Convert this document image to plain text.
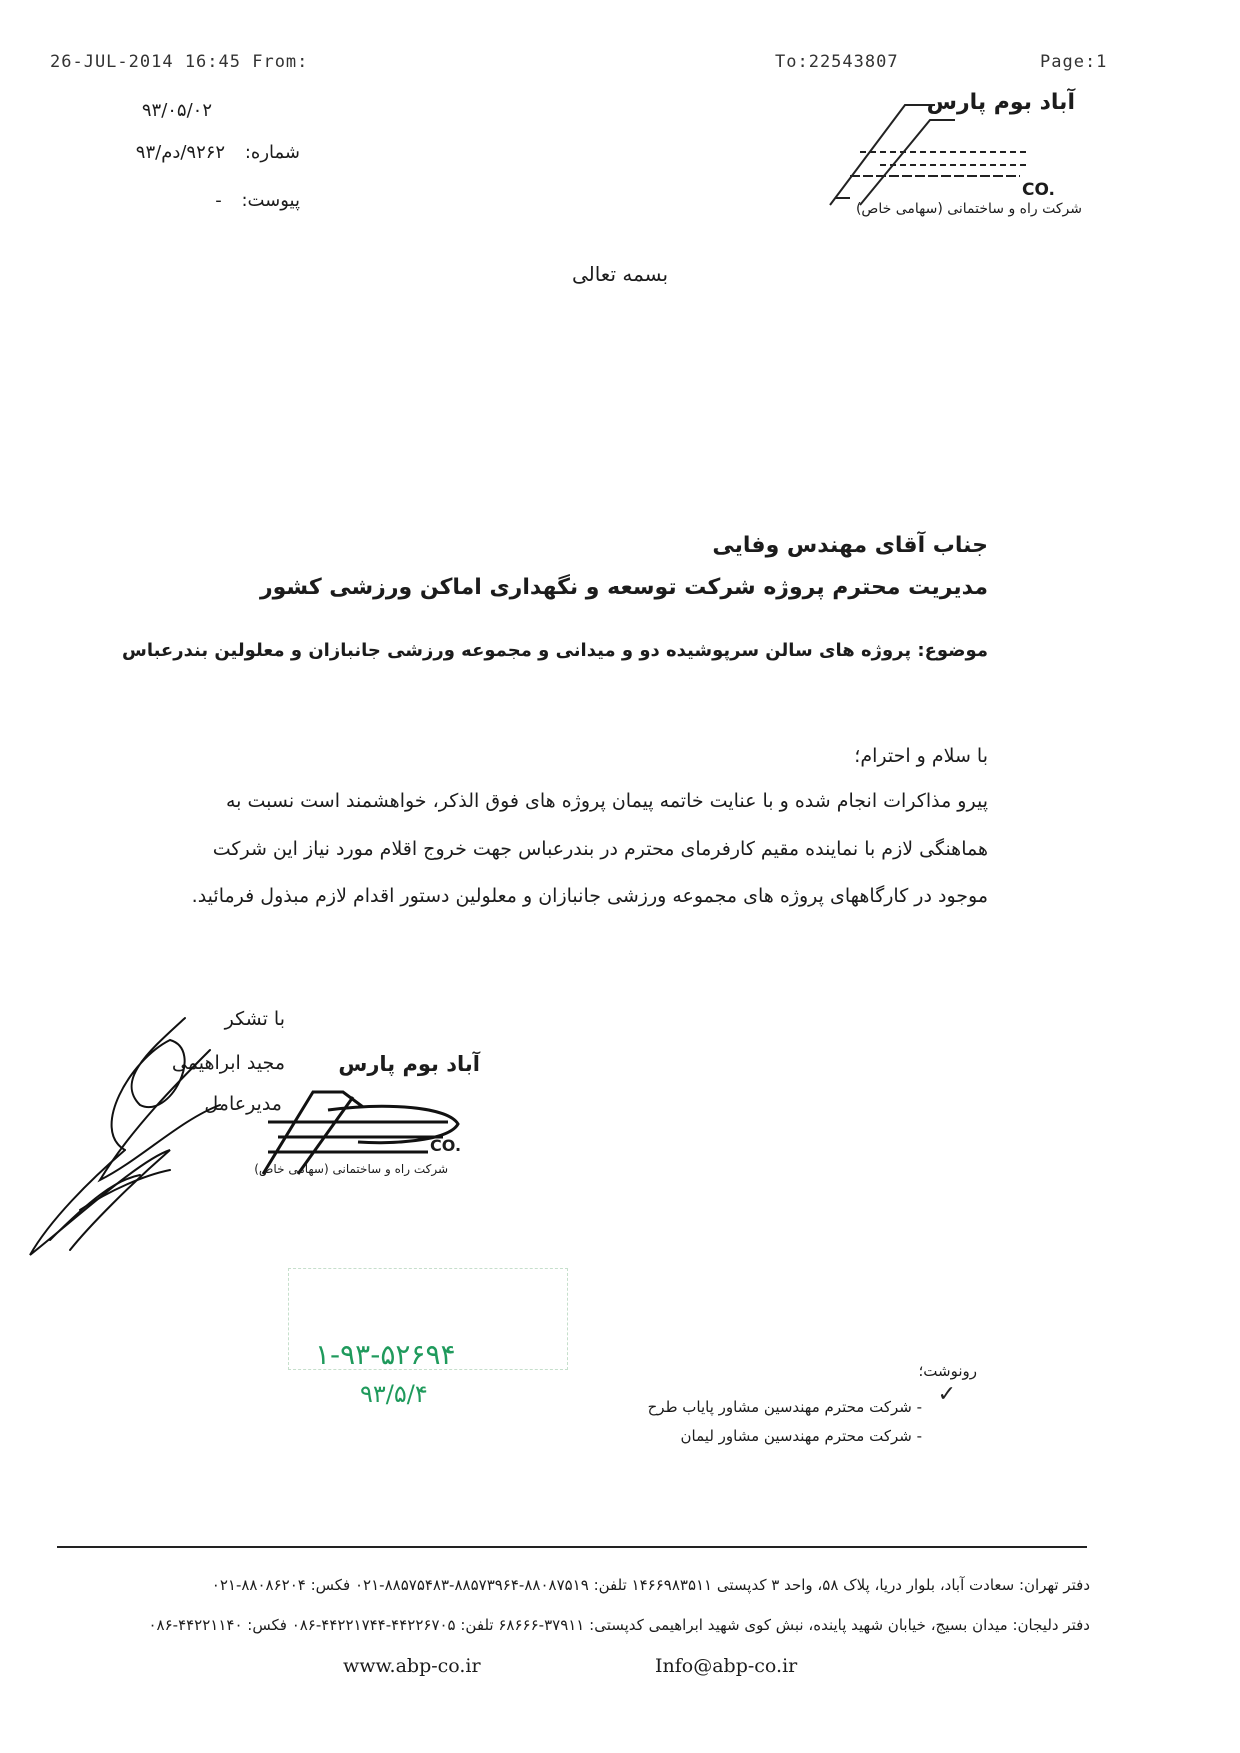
26-JUL-2014 16:45 From:	To:22543807	Page:1
۹۳/۰۵/۰۲
شماره: ۹۲۶۲/دم/۹۳
پیوست: -
آباد بوم پارس
CO.
شرکت راه و ساختمانی (سهامی خاص)
بسمه تعالی
جناب آقای مهندس وفایی
مدیریت محترم پروژه شرکت توسعه و نگهداری اماکن ورزشی کشور
موضوع: پروژه های سالن سرپوشیده دو و میدانی و مجموعه ورزشی جانبازان و معلولین بندرعباس
با سلام و احترام؛
پیرو مذاکرات انجام شده و با عنایت خاتمه پیمان پروژه های فوق الذکر، خواهشمند است نسبت به
هماهنگی لازم با نماینده مقیم کارفرمای محترم در بندرعباس جهت خروج اقلام مورد نیاز این شرکت
موجود در کارگاههای پروژه های مجموعه ورزشی جانبازان و معلولین دستور اقدام لازم مبذول فرمائید.
با تشکر
مجید ابراهیمی
مدیرعامل
آباد بوم پارس
CO.
شرکت راه و ساختمانی (سهامی خاص)
۱-۹۳-۵۲۶۹۴
۹۳/۵/۴
رونوشت؛
✓
- شرکت محترم مهندسین مشاور پایاب طرح
- شرکت محترم مهندسین مشاور لیمان
دفتر تهران: سعادت آباد، بلوار دریا، پلاک ۵۸، واحد ۳ کدپستی ۱۴۶۶۹۸۳۵۱۱ تلفن: ۸۸۰۸۷۵۱۹-۸۸۵۷۳۹۶۴-۸۸۵۷۵۴۸۳-۰۲۱ فکس: ۸۸۰۸۶۲۰۴-۰۲۱
دفتر دلیجان: میدان بسیج، خیابان شهید پاینده، نبش کوی شهید ابراهیمی کدپستی: ۳۷۹۱۱-۶۸۶۶۶ تلفن: ۴۴۲۲۶۷۰۵-۴۴۲۲۱۷۴۴-۰۸۶ فکس: ۴۴۲۲۱۱۴۰-۰۸۶
www.abp-co.ir	Info@abp-co.ir
